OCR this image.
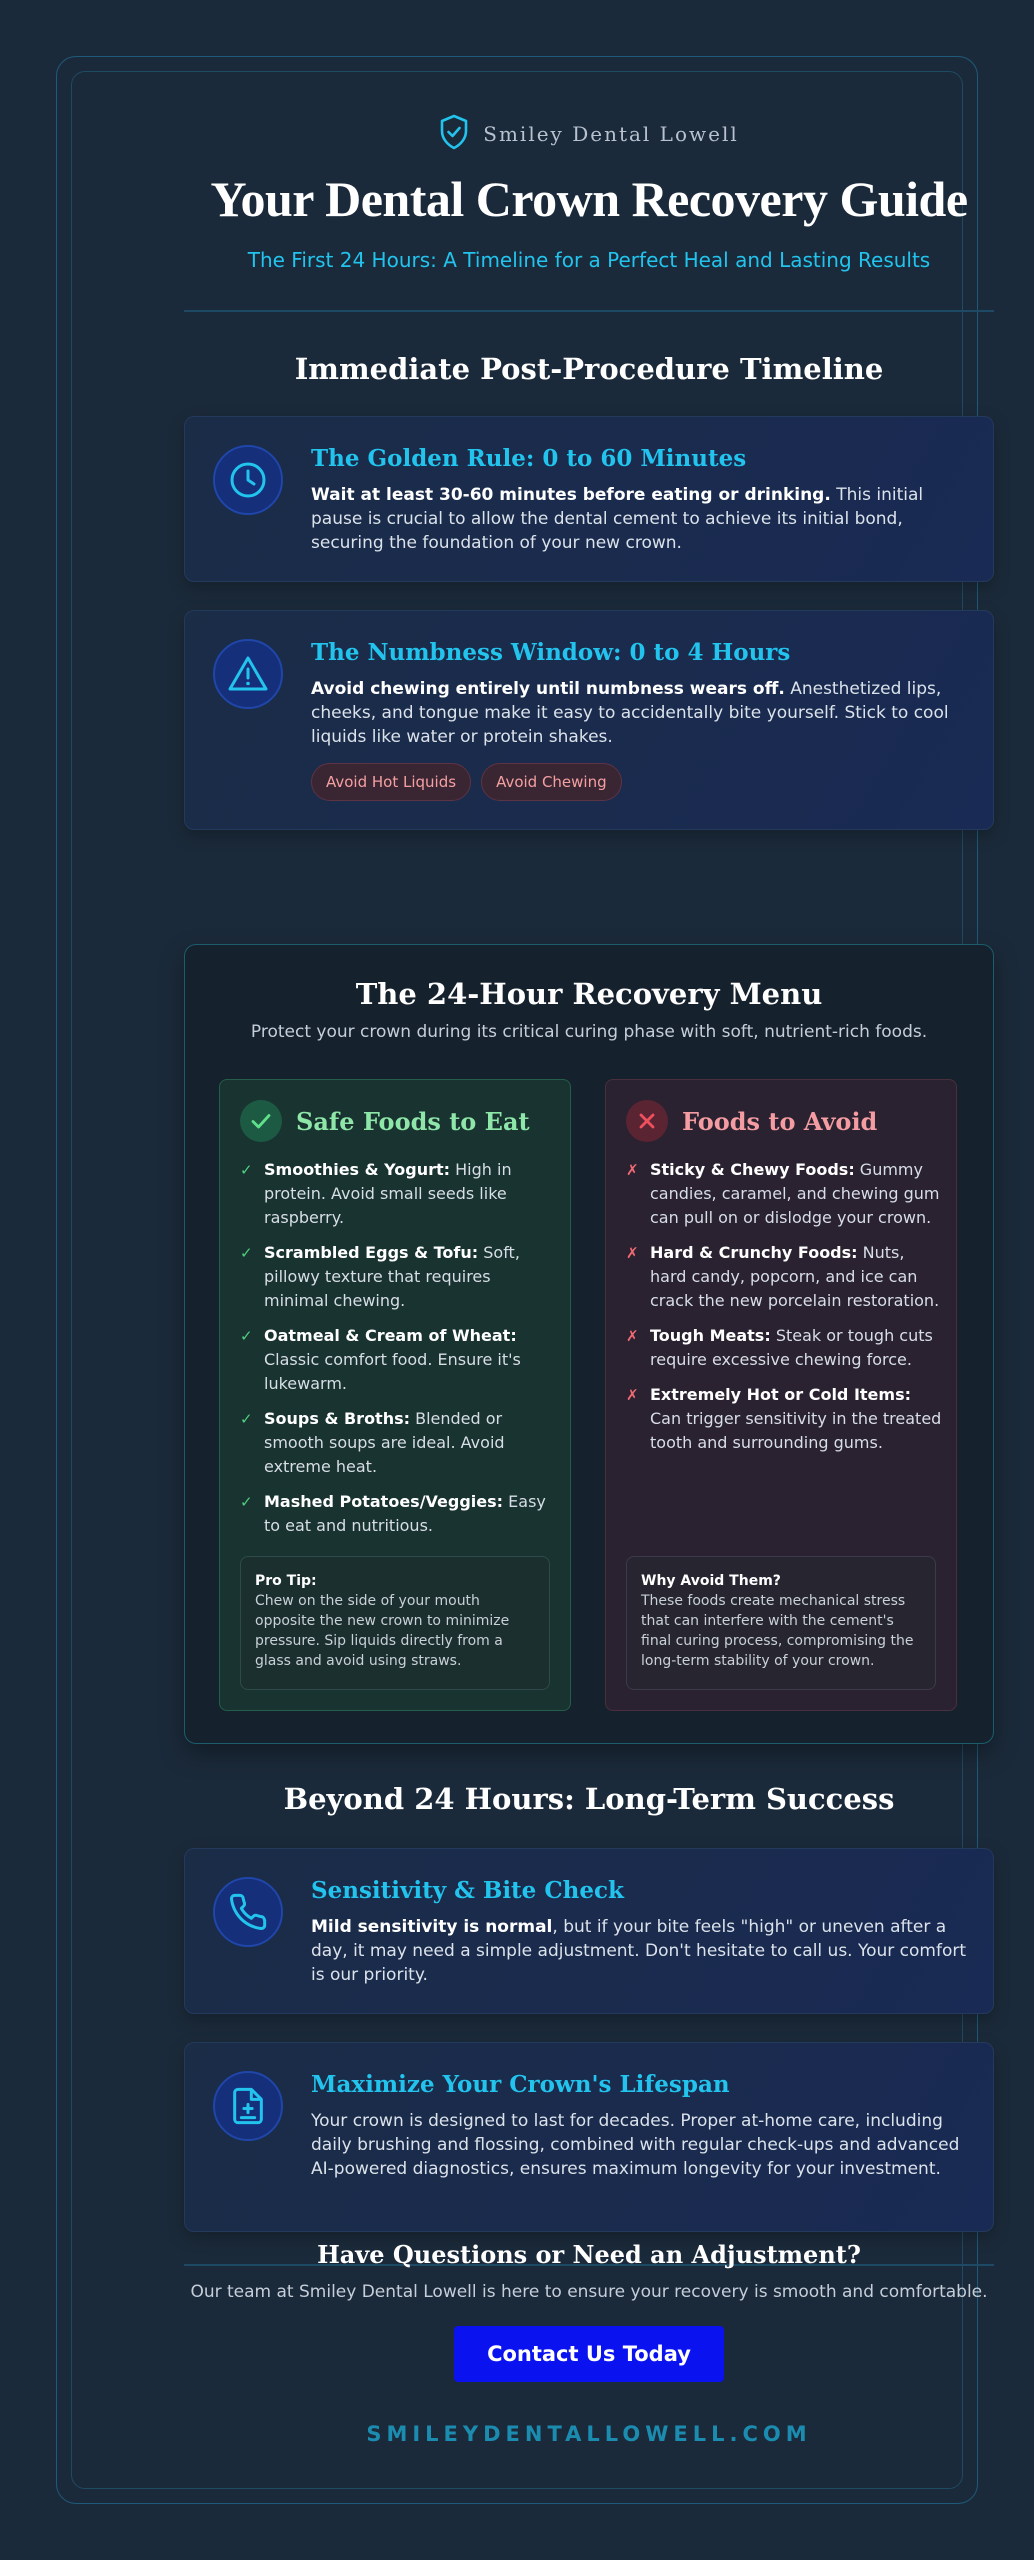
Smiley Dental Lowell
Your Dental Crown Recovery Guide
The First 24 Hours: A Timeline for a Perfect Heal and Lasting Results
Immediate Post-Procedure Timeline
The Golden Rule: 0 to 60 Minutes
Wait at least 30-60 minutes before eating or drinking. This initial pause is crucial to allow the dental cement to achieve its initial bond, securing the foundation of your new crown.
The Numbness Window: 0 to 4 Hours
Avoid chewing entirely until numbness wears off. Anesthetized lips, cheeks, and tongue make it easy to accidentally bite yourself. Stick to cool liquids like water or protein shakes.
Avoid Hot Liquids	Avoid Chewing
The 24-Hour Recovery Menu
Protect your crown during its critical curing phase with soft, nutrient-rich foods.
Safe Foods to Eat
✓ Smoothies & Yogurt: High in protein. Avoid small seeds like raspberry.
✓ Scrambled Eggs & Tofu: Soft, pillowy texture that requires minimal chewing.
✓ Oatmeal & Cream of Wheat: Classic comfort food. Ensure it's lukewarm.
✓ Soups & Broths: Blended or smooth soups are ideal. Avoid extreme heat.
✓ Mashed Potatoes/Veggies: Easy to eat and nutritious.
Pro Tip:
Chew on the side of your mouth opposite the new crown to minimize pressure. Sip liquids directly from a glass and avoid using straws.
Foods to Avoid
✗ Sticky & Chewy Foods: Gummy candies, caramel, and chewing gum can pull on or dislodge your crown.
✗ Hard & Crunchy Foods: Nuts, hard candy, popcorn, and ice can crack the new porcelain restoration.
✗ Tough Meats: Steak or tough cuts require excessive chewing force.
✗ Extremely Hot or Cold Items: Can trigger sensitivity in the treated tooth and surrounding gums.
Why Avoid Them?
These foods create mechanical stress that can interfere with the cement's final curing process, compromising the long-term stability of your crown.
Beyond 24 Hours: Long-Term Success
Sensitivity & Bite Check
Mild sensitivity is normal, but if your bite feels "high" or uneven after a day, it may need a simple adjustment. Don't hesitate to call us. Your comfort is our priority.
Maximize Your Crown's Lifespan
Your crown is designed to last for decades. Proper at-home care, including daily brushing and flossing, combined with regular check-ups and advanced AI-powered diagnostics, ensures maximum longevity for your investment.
Have Questions or Need an Adjustment?
Our team at Smiley Dental Lowell is here to ensure your recovery is smooth and comfortable.
Contact Us Today
SMILEYDENTALLOWELL.COM
